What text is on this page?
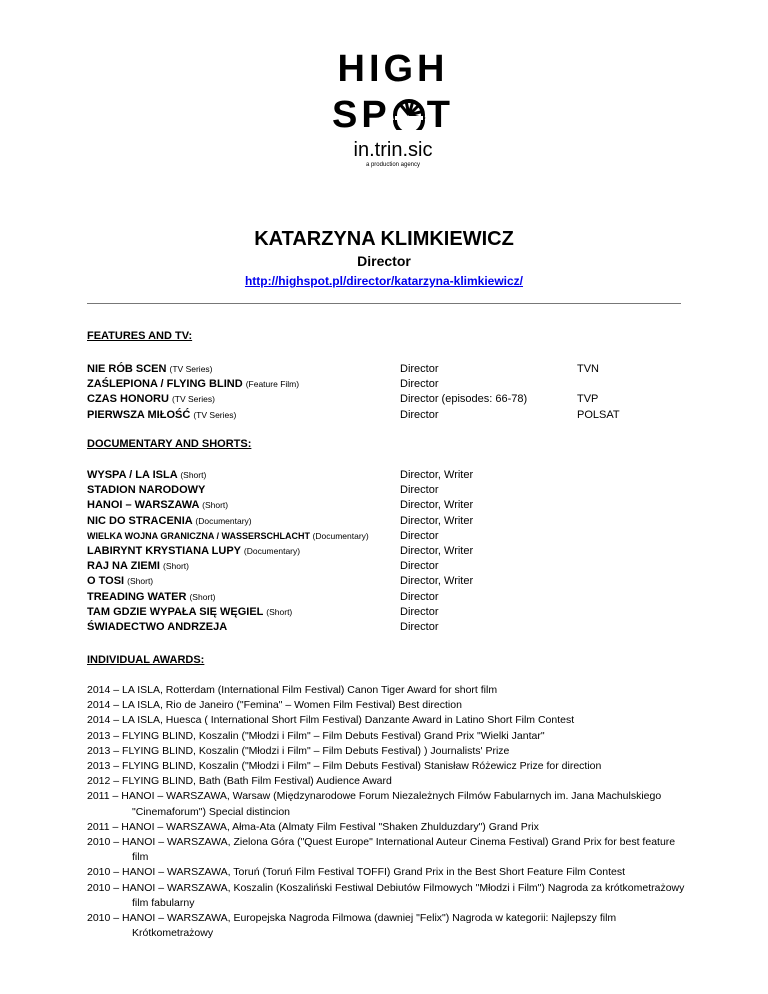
HIGH
SP T
in.trin.sic
a production agency
KATARZYNA KLIMKIEWICZ
Director
http://highspot.pl/director/katarzyna-klimkiewicz/
FEATURES AND TV:
NIE RÓB SCEN (TV Series)	Director	TVN
ZAŚLEPIONA / FLYING BLIND (Feature Film)	Director
CZAS HONORU (TV Series)	Director (episodes: 66-78)	TVP
PIERWSZA MIŁOŚĆ (TV Series)	Director	POLSAT
DOCUMENTARY AND SHORTS:
WYSPA / LA ISLA (Short)	Director, Writer
STADION NARODOWY	Director
HANOI – WARSZAWA (Short)	Director, Writer
NIC DO STRACENIA (Documentary)	Director, Writer
WIELKA WOJNA GRANICZNA / WASSERSCHLACHT (Documentary)	Director
LABIRYNT KRYSTIANA LUPY (Documentary)	Director, Writer
RAJ NA ZIEMI (Short)	Director
O TOSI (Short)	Director, Writer
TREADING WATER (Short)	Director
TAM GDZIE WYPAŁA SIĘ WĘGIEL (Short)	Director
ŚWIADECTWO ANDRZEJA	Director
INDIVIDUAL AWARDS:
2014 – LA ISLA, Rotterdam (International Film Festival) Canon Tiger Award for short film
2014 – LA ISLA, Rio de Janeiro ("Femina" – Women Film Festival) Best direction
2014 – LA ISLA, Huesca ( International Short Film Festival) Danzante Award in Latino Short Film Contest
2013 – FLYING BLIND, Koszalin ("Młodzi i Film" – Film Debuts Festival) Grand Prix "Wielki Jantar"
2013 – FLYING BLIND, Koszalin ("Młodzi i Film" – Film Debuts Festival) ) Journalists' Prize
2013 – FLYING BLIND, Koszalin ("Młodzi i Film" – Film Debuts Festival) Stanisław Różewicz Prize for direction
2012 – FLYING BLIND, Bath (Bath Film Festival) Audience Award
2011 – HANOI – WARSZAWA, Warsaw (Międzynarodowe Forum Niezależnych Filmów Fabularnych im. Jana Machulskiego "Cinemaforum") Special distincion
2011 – HANOI – WARSZAWA, Ałma-Ata (Almaty Film Festival "Shaken Zhulduzdary") Grand Prix
2010 – HANOI – WARSZAWA, Zielona Góra ("Quest Europe" International Auteur Cinema Festival) Grand Prix for best feature film
2010 – HANOI – WARSZAWA, Toruń (Toruń Film Festival TOFFI) Grand Prix in the Best Short Feature Film Contest
2010 – HANOI – WARSZAWA, Koszalin (Koszaliński Festiwal Debiutów Filmowych "Młodzi i Film") Nagroda za krótkometrażowy film fabularny
2010 – HANOI – WARSZAWA, Europejska Nagroda Filmowa (dawniej "Felix") Nagroda w kategorii: Najlepszy film Krótkometrażowy
